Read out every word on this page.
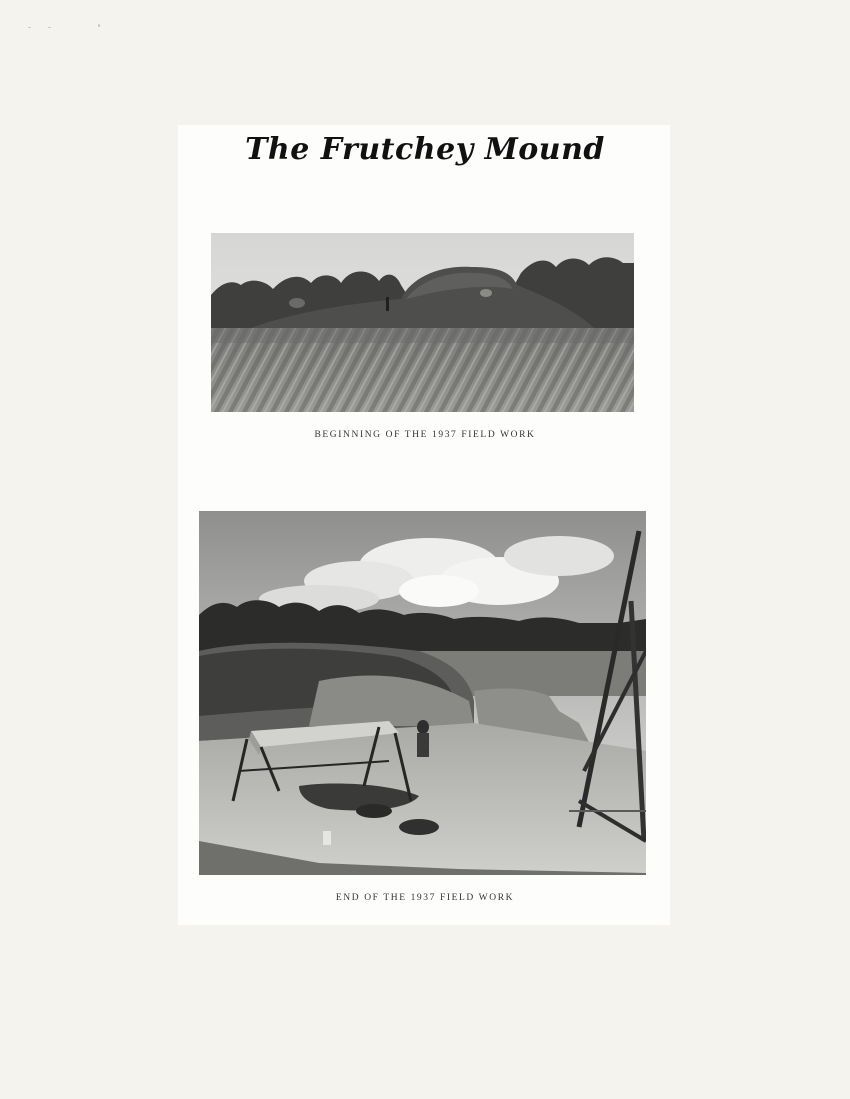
The Frutchey Mound

BEGINNING OF THE 1937 FIELD WORK

END OF THE 1937 FIELD WORK
